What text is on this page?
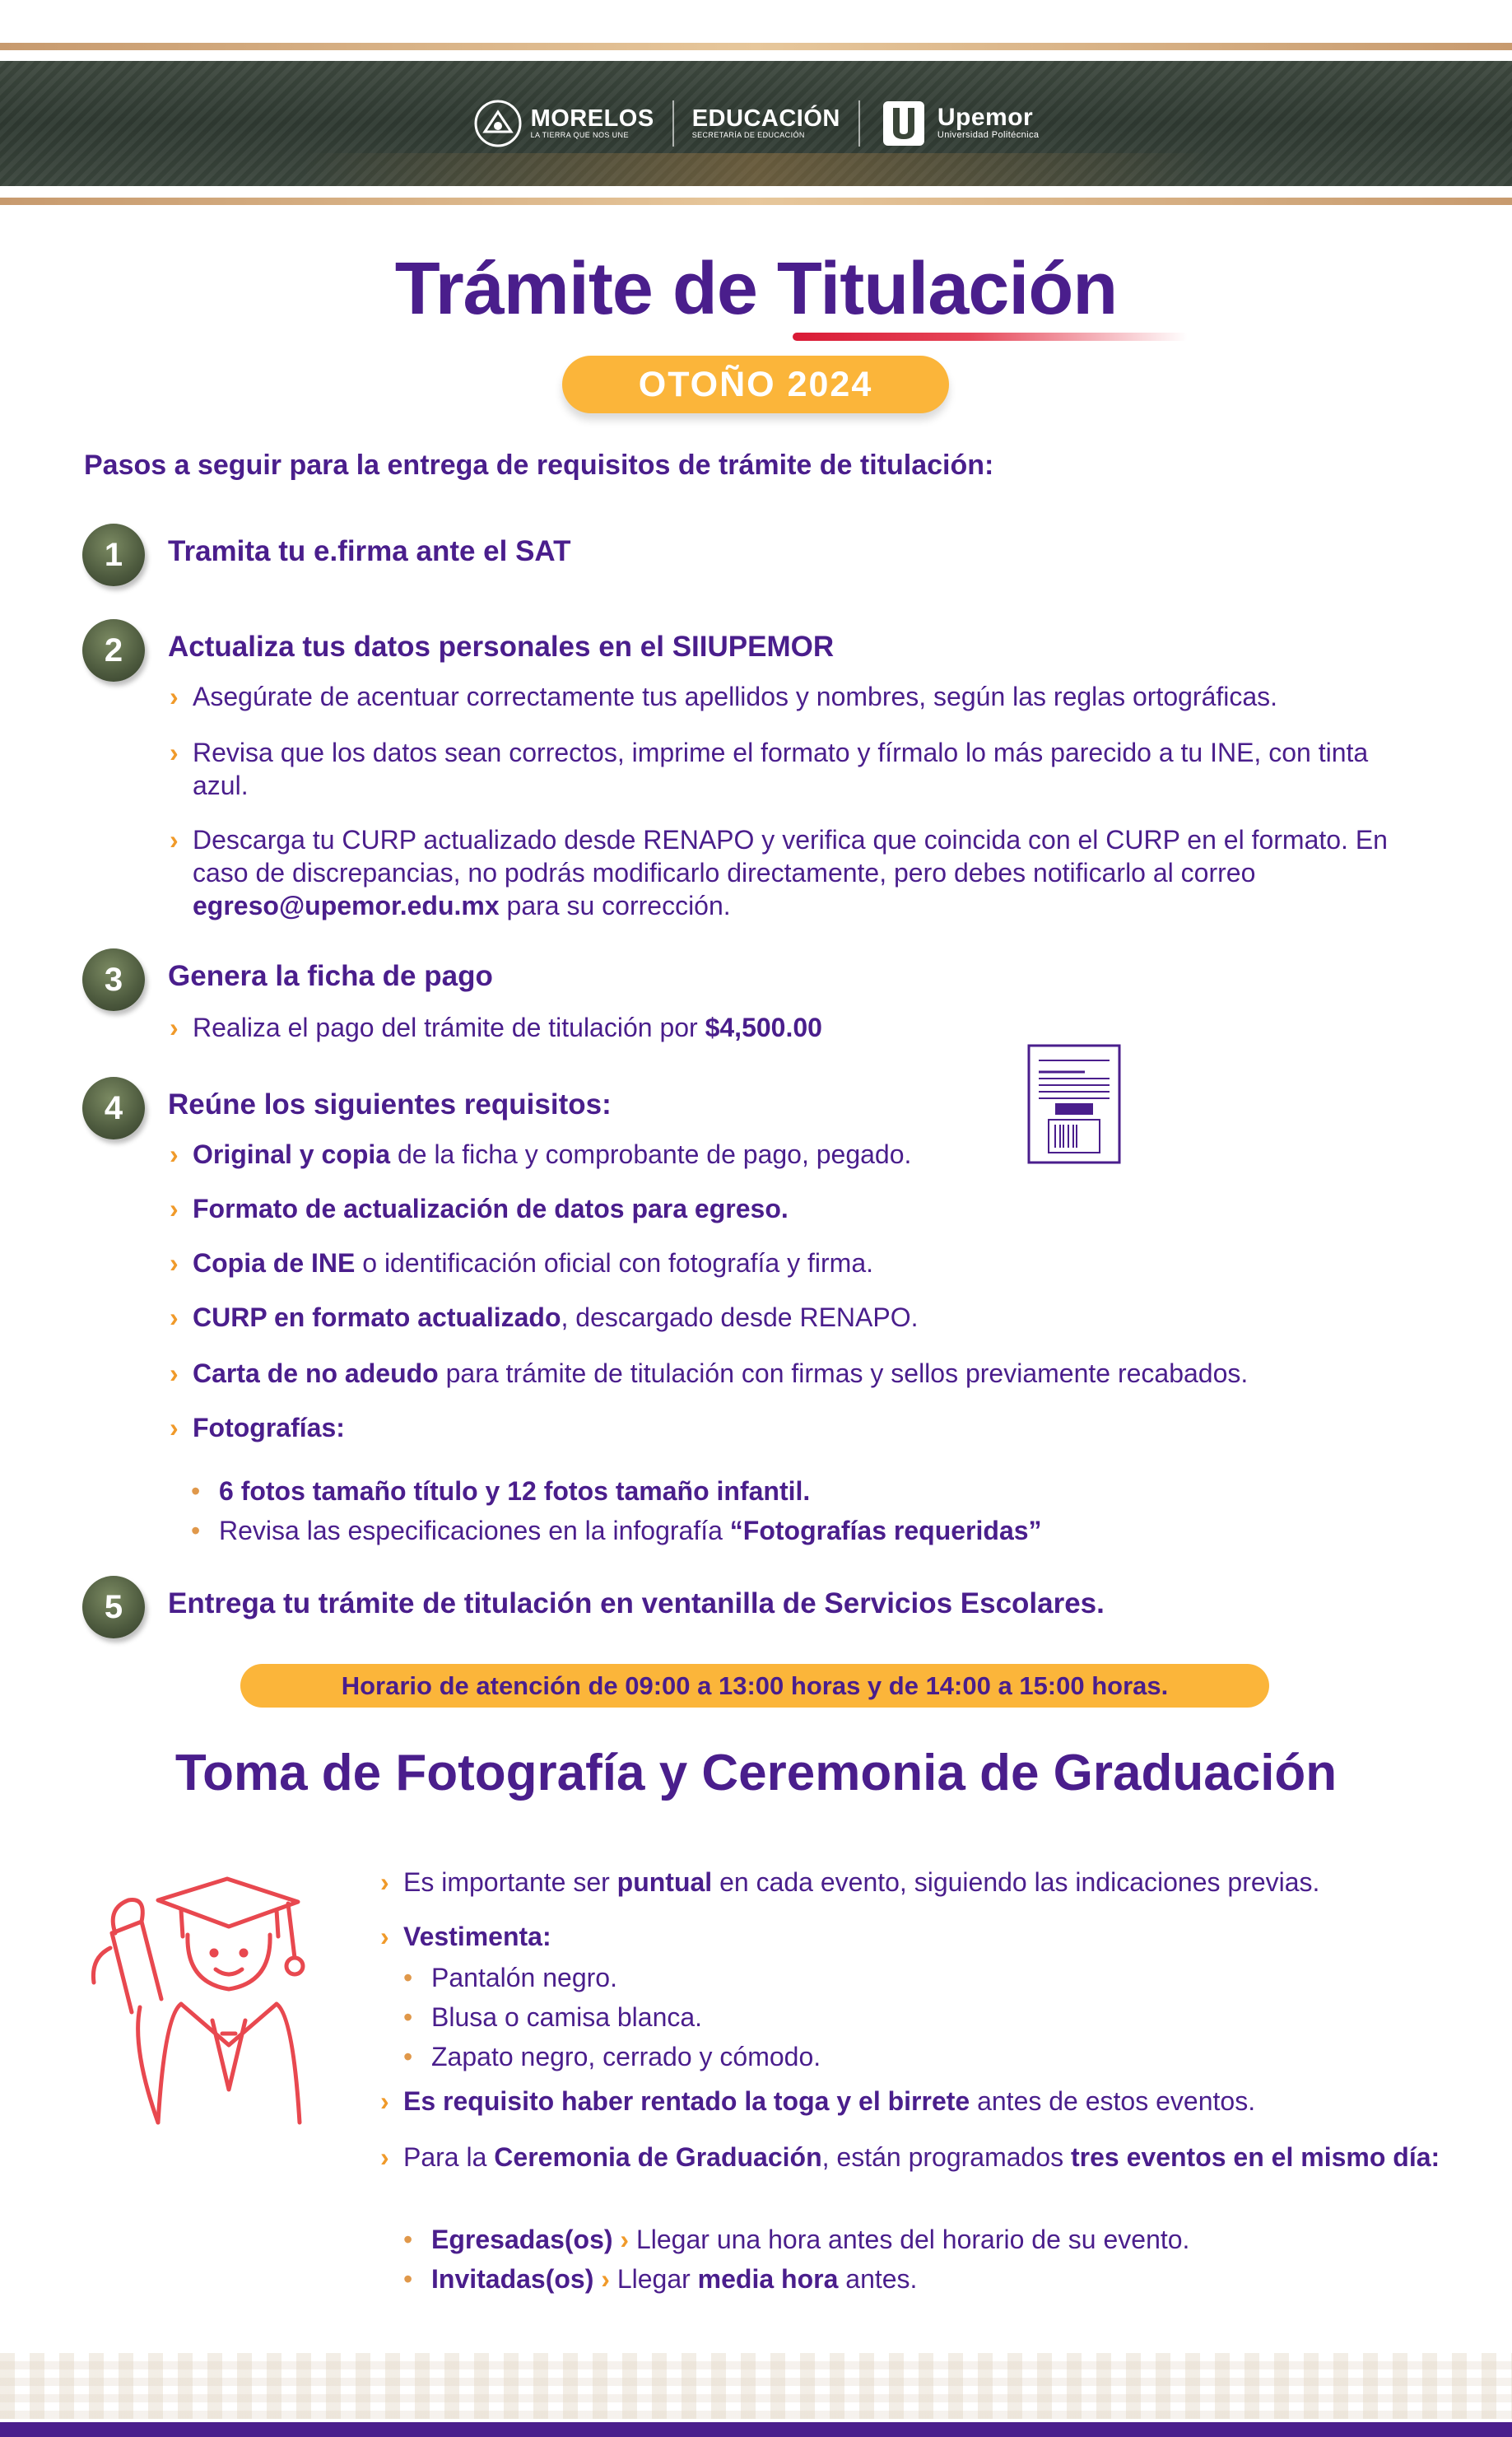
MORELOS
LA TIERRA QUE NOS UNE
EDUCACIÓN
SECRETARÍA DE EDUCACIÓN
Upemor
Universidad Politécnica
Trámite de Titulación
OTOÑO 2024
Pasos a seguir para la entrega de requisitos de trámite de titulación:
1	Tramita tu e.firma ante el SAT
2	Actualiza tus datos personales en el SIIUPEMOR
› Asegúrate de acentuar correctamente tus apellidos y nombres, según las reglas ortográficas.
› Revisa que los datos sean correctos, imprime el formato y fírmalo lo más parecido a tu INE, con tinta azul.
› Descarga tu CURP actualizado desde RENAPO y verifica que coincida con el CURP en el formato. En caso de discrepancias, no podrás modificarlo directamente, pero debes notificarlo al correo egreso@upemor.edu.mx para su corrección.
3	Genera la ficha de pago
› Realiza el pago del trámite de titulación por $4,500.00
4	Reúne los siguientes requisitos:
› Original y copia de la ficha y comprobante de pago, pegado.
› Formato de actualización de datos para egreso.
› Copia de INE o identificación oficial con fotografía y firma.
› CURP en formato actualizado, descargado desde RENAPO.
› Carta de no adeudo para trámite de titulación con firmas y sellos previamente recabados.
› Fotografías:
• 6 fotos tamaño título y 12 fotos tamaño infantil.
• Revisa las especificaciones en la infografía “Fotografías requeridas”
5	Entrega tu trámite de titulación en ventanilla de Servicios Escolares.
Horario de atención de 09:00 a 13:00 horas y de 14:00 a 15:00 horas.
Toma de Fotografía y Ceremonia de Graduación
› Es importante ser puntual en cada evento, siguiendo las indicaciones previas.
› Vestimenta:
• Pantalón negro.
• Blusa o camisa blanca.
• Zapato negro, cerrado y cómodo.
› Es requisito haber rentado la toga y el birrete antes de estos eventos.
› Para la Ceremonia de Graduación, están programados tres eventos en el mismo día:
• Egresadas(os) › Llegar una hora antes del horario de su evento.
• Invitadas(os) › Llegar media hora antes.
